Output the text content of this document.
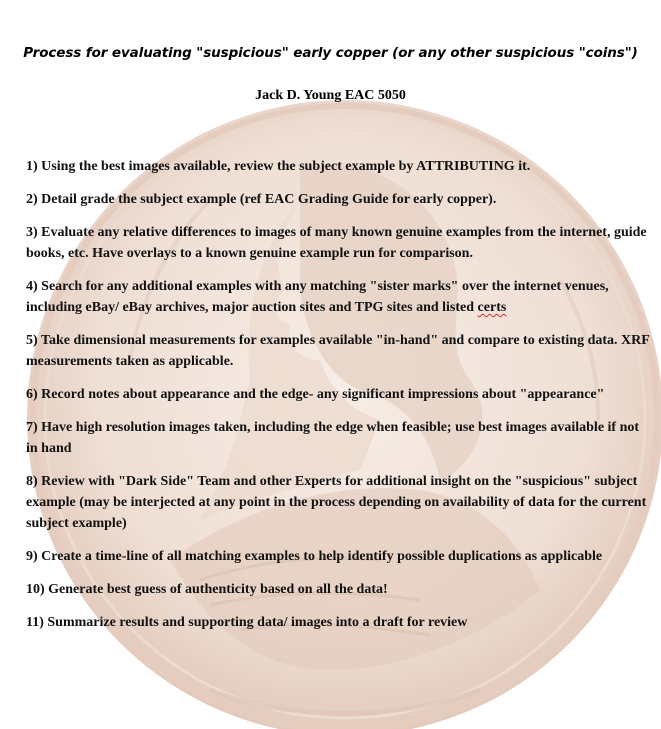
Process for evaluating "suspicious" early copper (or any other suspicious "coins")
Jack D. Young EAC 5050
1) Using the best images available, review the subject example by ATTRIBUTING it.
2) Detail grade the subject example (ref EAC Grading Guide for early copper).
3) Evaluate any relative differences to images of many known genuine examples from the internet, guide books, etc. Have overlays to a known genuine example run for comparison.
4) Search for any additional examples with any matching "sister marks" over the internet venues, including eBay/ eBay archives, major auction sites and TPG sites and listed certs
5) Take dimensional measurements for examples available "in-hand" and compare to existing data. XRF measurements taken as applicable.
6) Record notes about appearance and the edge- any significant impressions about "appearance"
7) Have high resolution images taken, including the edge when feasible; use best images available if not in hand
8) Review with "Dark Side" Team and other Experts for additional insight on the "suspicious" subject example (may be interjected at any point in the process depending on availability of data for the current subject example)
9) Create a time-line of all matching examples to help identify possible duplications as applicable
10) Generate best guess of authenticity based on all the data!
11) Summarize results and supporting data/ images into a draft for review
